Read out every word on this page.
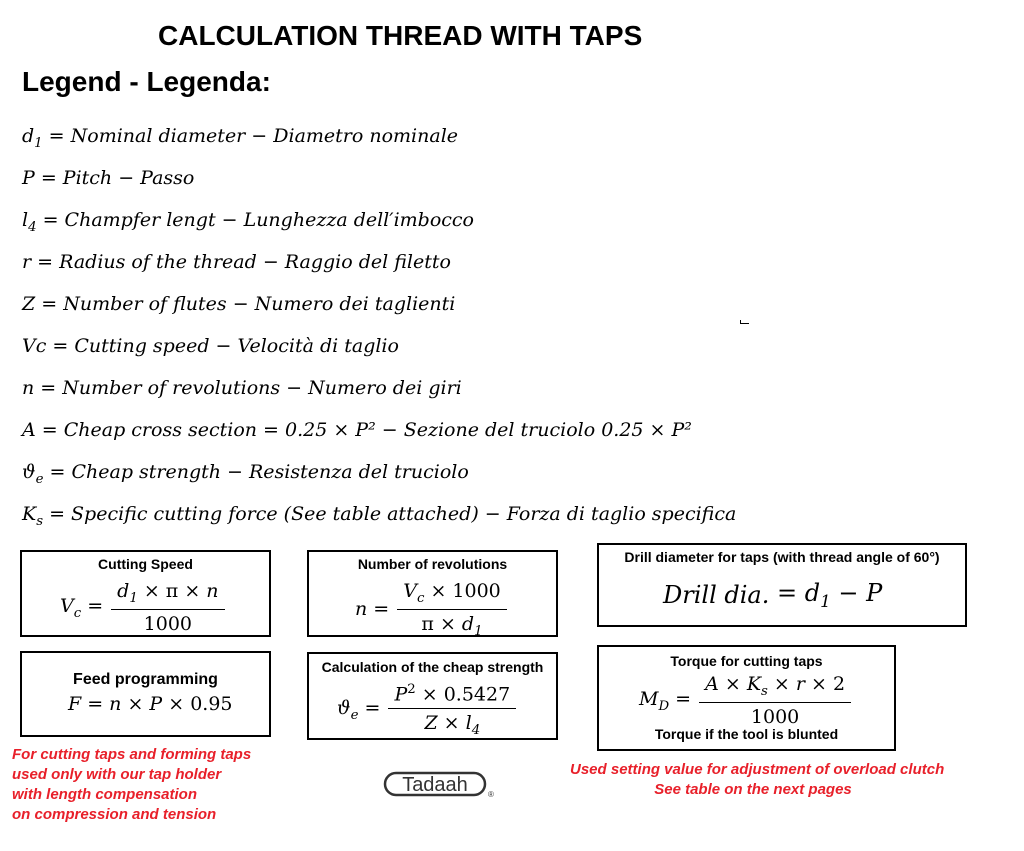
CALCULATION THREAD WITH TAPS
Legend - Legenda:
$d_1$ = Nominal diameter − Diametro nominale
P = Pitch − Passo
$l_4$ = Champfer lengt − Lunghezza dell′imbocco
r = Radius of the thread − Raggio del filetto
Z = Number of flutes − Numero dei taglienti
Vc = Cutting speed − Velocità di taglio
n = Number of revolutions − Numero dei giri
A = Cheap cross section = 0.25 × P² − Sezione del truciolo 0.25 × P²
$ϑ_e$ = Cheap strength − Resistenza del truciolo
$K_s$ = Specific cutting force (See table attached) − Forza di taglio specifica
Cutting Speed
$V_c = \frac{d_1 \times \pi \times n}{1000}$
Number of revolutions
$n = \frac{V_c \times 1000}{\pi \times d_1}$
Drill diameter for taps (with thread angle of 60°)
Drill dia. = $d_1 - P$
Feed programming
F = n × P × 0.95
Calculation of the cheap strength
$ϑ_e = \frac{P^2 \times 0.5427}{Z \times l_4}$
Torque for cutting taps
$M_D = \frac{A \times K_s \times r \times 2}{1000}$
Torque if the tool is blunted
For cutting taps and forming taps
used only with our tap holder
with length compensation
on compression and tension
Used setting value for adjustment of overload clutch
See table on the next pages
Tadaah	®
